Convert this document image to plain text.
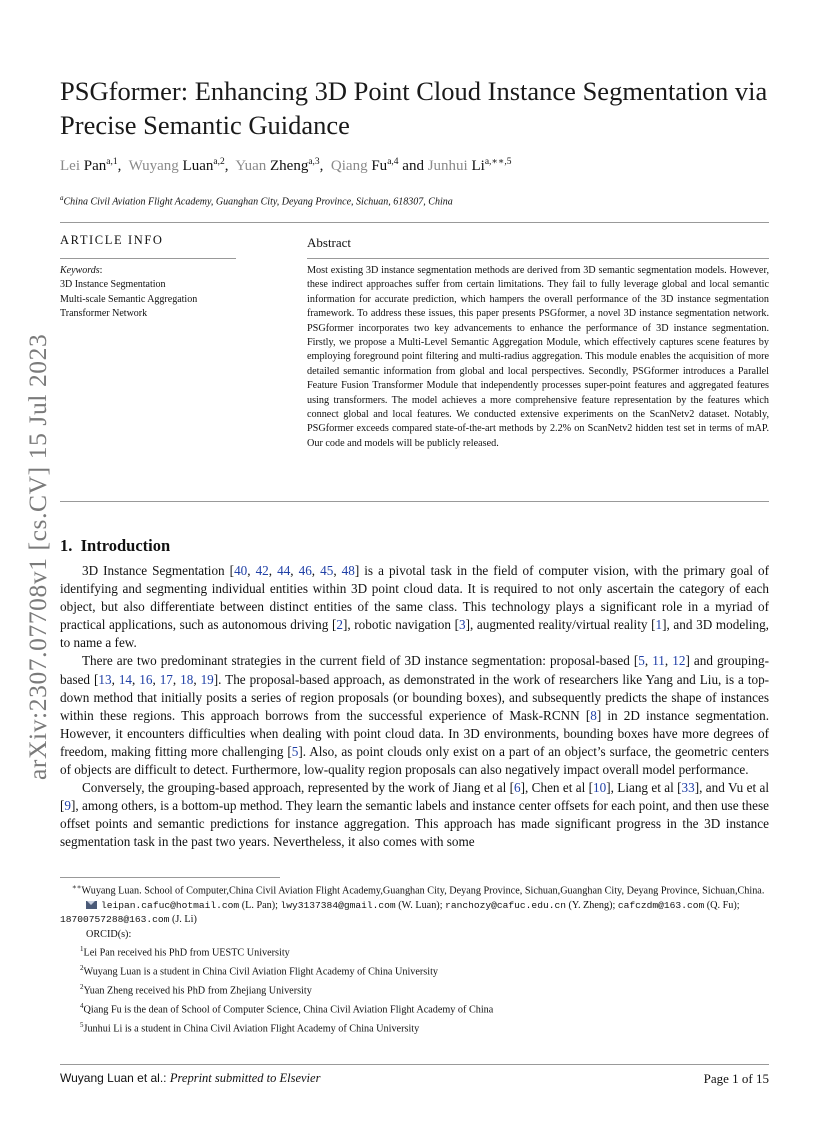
arXiv:2307.07708v1 [cs.CV] 15 Jul 2023
PSGformer: Enhancing 3D Point Cloud Instance Segmentation via Precise Semantic Guidance
Lei Pan$^{a,1}$, Wuyang Luan$^{a,2}$, Yuan Zheng$^{a,3}$, Qiang Fu$^{a,4}$ and Junhui $Li^{a,∗∗,5}$
$^a$China Civil Aviation Flight Academy, Guanghan City, Deyang Province, Sichuan, 618307, China
ARTICLE INFO
Keywords:
3D Instance Segmentation
Multi-scale Semantic Aggregation
Transformer Network
Abstract
Most existing 3D instance segmentation methods are derived from 3D semantic segmentation models. However, these indirect approaches suffer from certain limitations. They fail to fully leverage global and local semantic information for accurate prediction, which hampers the overall performance of the 3D instance segmentation framework. To address these issues, this paper presents PSGformer, a novel 3D instance segmentation network. PSGformer incorporates two key advancements to enhance the performance of 3D instance segmentation. Firstly, we propose a Multi-Level Semantic Aggregation Module, which effectively captures scene features by employing foreground point filtering and multi-radius aggregation. This module enables the acquisition of more detailed semantic information from global and local perspectives. Secondly, PSGformer introduces a Parallel Feature Fusion Transformer Module that independently processes super-point features and aggregated features using transformers. The model achieves a more comprehensive feature representation by the features which connect global and local features. We conducted extensive experiments on the ScanNetv2 dataset. Notably, PSGformer exceeds compared state-of-the-art methods by 2.2% on ScanNetv2 hidden test set in terms of mAP. Our code and models will be publicly released.
1. Introduction

3D Instance Segmentation [40, 42, 44, 46, 45, 48] is a pivotal task in the field of computer vision, with the primary goal of identifying and segmenting individual entities within 3D point cloud data. It is required to not only ascertain the category of each object, but also differentiate between distinct entities of the same class. This technology plays a significant role in a myriad of practical applications, such as autonomous driving [2], robotic navigation [3], augmented reality/virtual reality [1], and 3D modeling, to name a few.

There are two predominant strategies in the current field of 3D instance segmentation: proposal-based [5, 11, 12] and grouping-based [13, 14, 16, 17, 18, 19]. The proposal-based approach, as demonstrated in the work of researchers like Yang and Liu, is a top-down method that initially posits a series of region proposals (or bounding boxes), and subsequently predicts the shape of instances within these regions. This approach borrows from the successful experience of Mask-RCNN [8] in 2D instance segmentation. However, it encounters difficulties when dealing with point cloud data. In 3D environments, bounding boxes have more degrees of freedom, making fitting more challenging [5]. Also, as point clouds only exist on a part of an object’s surface, the geometric centers of objects are difficult to detect. Furthermore, low-quality region proposals can also negatively impact overall model performance.

Conversely, the grouping-based approach, represented by the work of Jiang et al [6], Chen et al [10], Liang et al [33], and Vu et al [9], among others, is a bottom-up method. They learn the semantic labels and instance center offsets for each point, and then use these offset points and semantic predictions for instance aggregation. This approach has made significant progress in the 3D instance segmentation task in the past two years. Nevertheless, it also comes with some

∗∗Wuyang Luan. School of Computer,China Civil Aviation Flight Academy,Guanghan City, Deyang Province, Sichuan,Guanghan City, Deyang Province, Sichuan,China.

leipan.cafuc@hotmail.com (L. Pan); lwy3137384@gmail.com (W. Luan); ranchozy@cafuc.edu.cn (Y. Zheng); cafczdm@163.com (Q. Fu); 18700757288@163.com (J. Li)

ORCID(s):

$^1$Lei Pan received his PhD from UESTC University

$^2$Wuyang Luan is a student in China Civil Aviation Flight Academy of China University

$^2$Yuan Zheng received his PhD from Zhejiang University

$^4$Qiang Fu is the dean of School of Computer Science, China Civil Aviation Flight Academy of China

$^5$Junhui Li is a student in China Civil Aviation Flight Academy of China University

Wuyang Luan et al.: Preprint submitted to Elsevier	Page 1 of 15
